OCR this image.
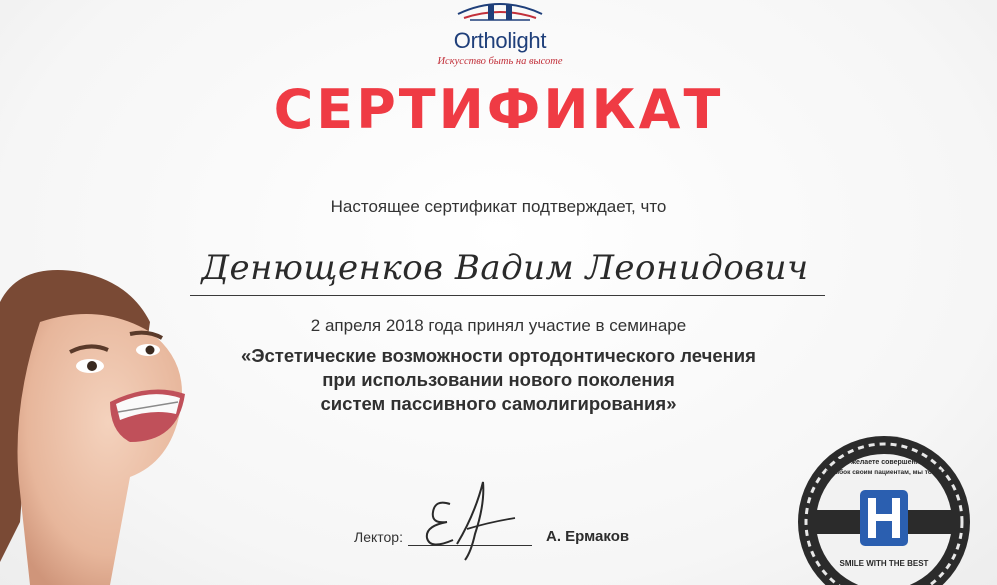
Ortholight
Искусство быть на высоте
СЕРТИФИКАТ
Настоящее сертификат подтверждает, что
Денющенков Вадим Леонидович
2 апреля 2018 года принял участие в семинаре
«Эстетические возможности ортодонтического лечения
при использовании нового поколения
систем пассивного самолигирования»
Лектор:	А. Ермаков
Вы желаете совершенных
улыбок своим пациентам, мы тоже!
SMILE WITH THE BEST
